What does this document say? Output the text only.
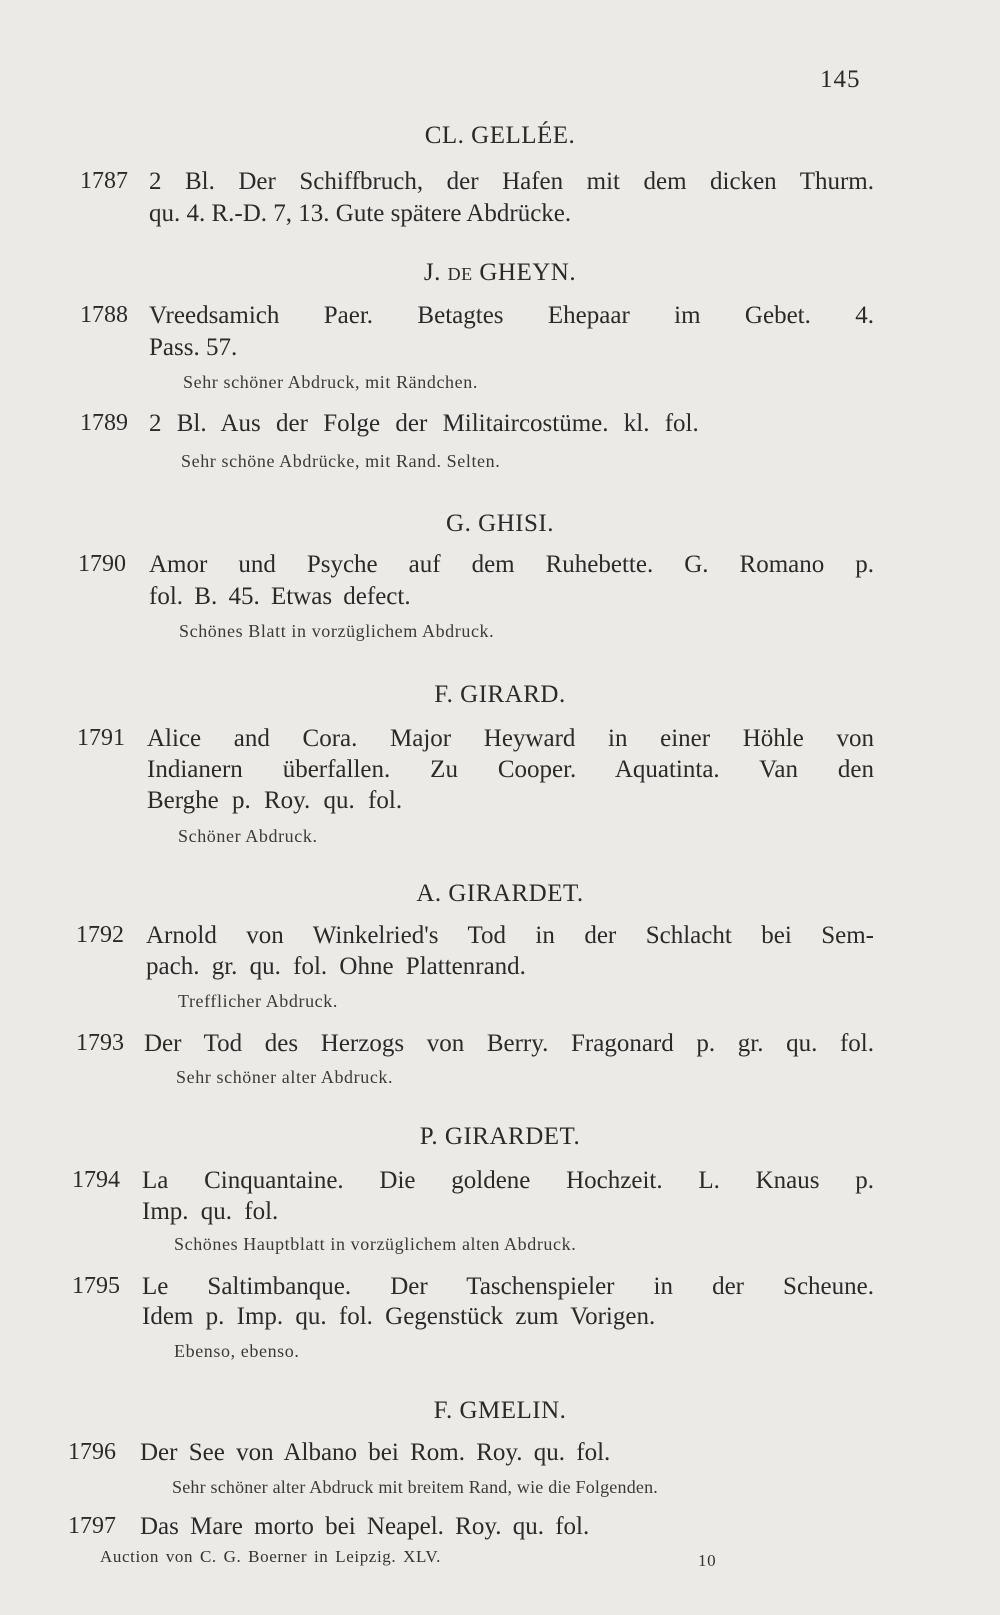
145
CL. GELLÉE.
1787 2 Bl. Der Schiffbruch, der Hafen mit dem dicken Thurm.
qu. 4. R.-D. 7, 13. Gute spätere Abdrücke.
J. DE GHEYN.
1788 Vreedsamich Paer. Betagtes Ehepaar im Gebet. 4.
Pass. 57.
Sehr schöner Abdruck, mit Rändchen.
1789 2 Bl. Aus der Folge der Militaircostüme. kl. fol.
Sehr schöne Abdrücke, mit Rand. Selten.
G. GHISI.
1790 Amor und Psyche auf dem Ruhebette. G. Romano p.
fol. B. 45. Etwas defect.
Schönes Blatt in vorzüglichem Abdruck.
F. GIRARD.
1791 Alice and Cora. Major Heyward in einer Höhle von
Indianern überfallen. Zu Cooper. Aquatinta. Van den
Berghe p. Roy. qu. fol.
Schöner Abdruck.
A. GIRARDET.
1792 Arnold von Winkelried's Tod in der Schlacht bei Sem-
pach. gr. qu. fol. Ohne Plattenrand.
Trefflicher Abdruck.
1793 Der Tod des Herzogs von Berry. Fragonard p. gr. qu. fol.
Sehr schöner alter Abdruck.
P. GIRARDET.
1794 La Cinquantaine. Die goldene Hochzeit. L. Knaus p.
Imp. qu. fol.
Schönes Hauptblatt in vorzüglichem alten Abdruck.
1795 Le Saltimbanque. Der Taschenspieler in der Scheune.
Idem p. Imp. qu. fol. Gegenstück zum Vorigen.
Ebenso, ebenso.
F. GMELIN.
1796 Der See von Albano bei Rom. Roy. qu. fol.
Sehr schöner alter Abdruck mit breitem Rand, wie die Folgenden.
1797 Das Mare morto bei Neapel. Roy. qu. fol.
Auction von C. G. Boerner in Leipzig. XLV.	10
